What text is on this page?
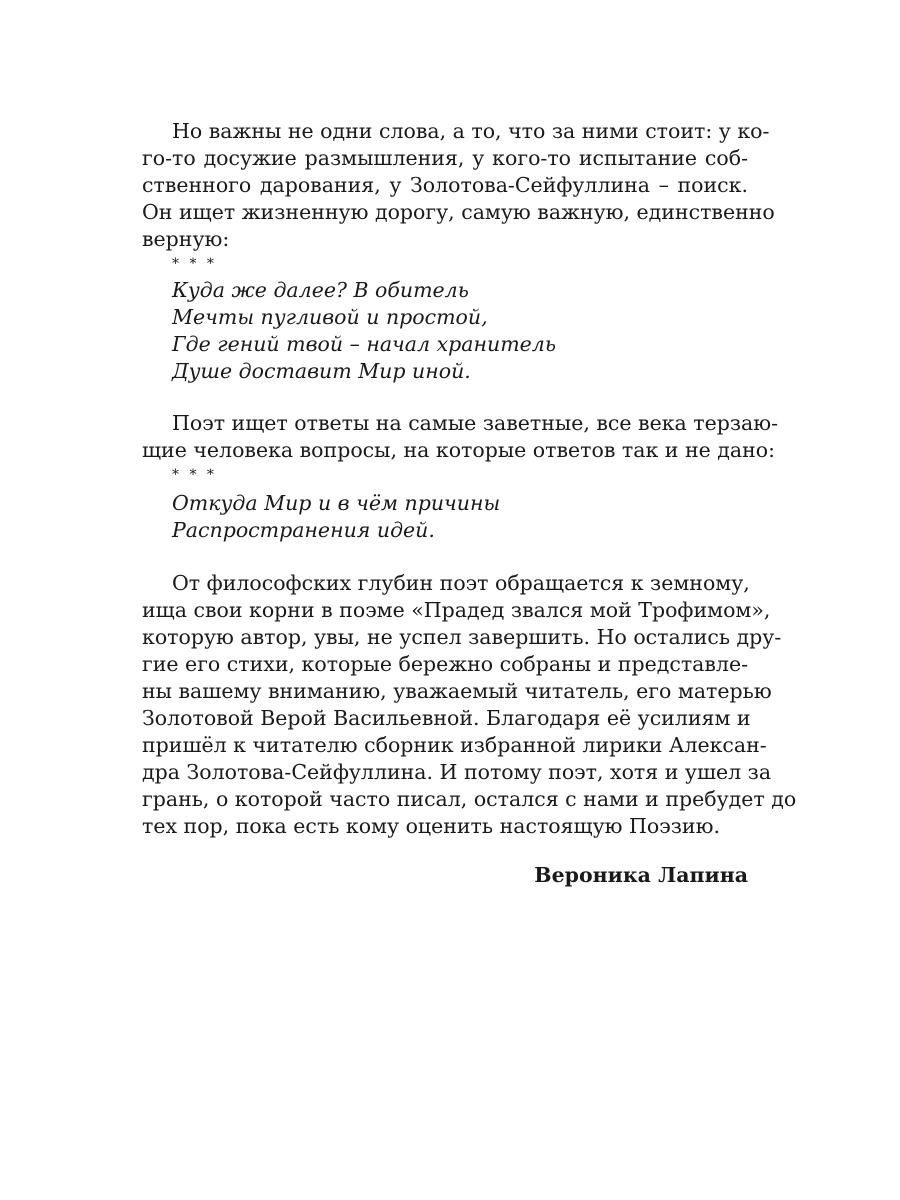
Но важны не одни слова, а то, что за ними стоит: у ко-
го-то досужие размышления, у кого-то испытание соб-
ственного дарования, у Золотова-Сейфуллина – поиск.
Он ищет жизненную дорогу, самую важную, единственно
верную:
* * *
Куда же далее? В обитель
Мечты пугливой и простой,
Где гений твой – начал хранитель
Душе доставит Мир иной.
Поэт ищет ответы на самые заветные, все века терзаю-
щие человека вопросы, на которые ответов так и не дано:
* * *
Откуда Мир и в чём причины
Распространения идей.
От философских глубин поэт обращается к земному,
ища свои корни в поэме «Прадед звался мой Трофимом»,
которую автор, увы, не успел завершить. Но остались дру-
гие его стихи, которые бережно собраны и представле-
ны вашему вниманию, уважаемый читатель, его матерью
Золотовой Верой Васильевной. Благодаря её усилиям и
пришёл к читателю сборник избранной лирики Алексан-
дра Золотова-Сейфуллина. И потому поэт, хотя и ушел за
грань, о которой часто писал, остался с нами и пребудет до
тех пор, пока есть кому оценить настоящую Поэзию.
Вероника Лапина
